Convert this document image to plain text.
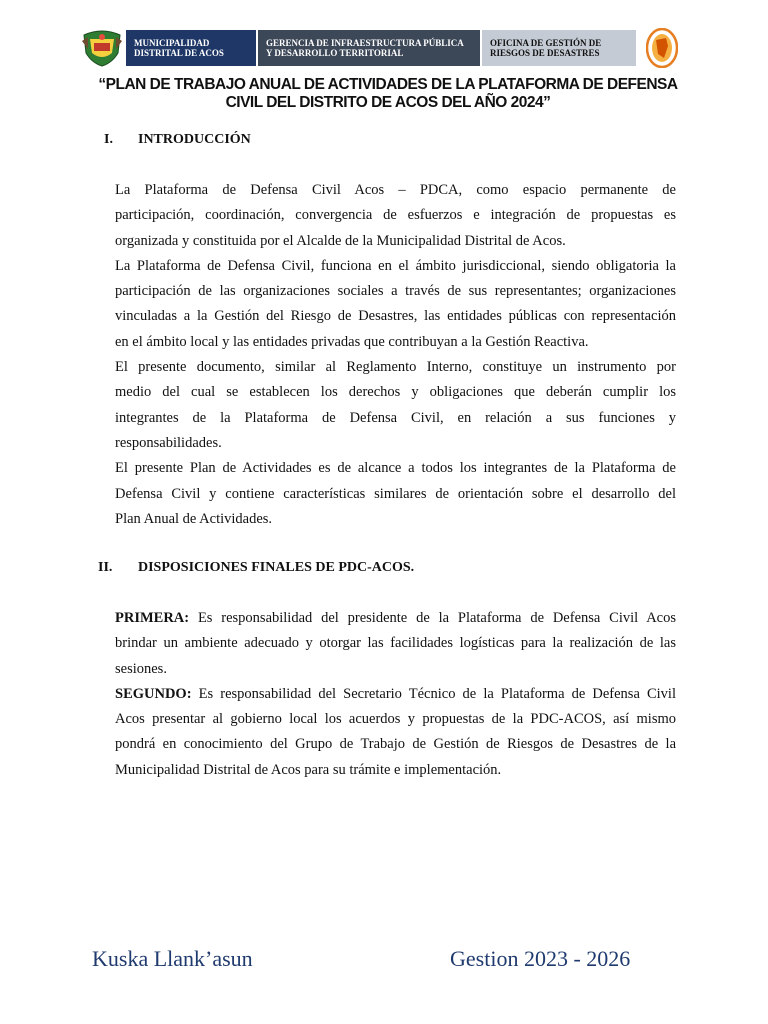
MUNICIPALIDAD
DISTRITAL DE ACOS
GERENCIA DE INFRAESTRUCTURA PÚBLICA
Y DESARROLLO TERRITORIAL
OFICINA DE GESTIÓN DE
RIESGOS DE DESASTRES
“PLAN DE TRABAJO ANUAL DE ACTIVIDADES DE LA PLATAFORMA DE DEFENSA
CIVIL DEL DISTRITO DE ACOS DEL AÑO 2024”
I. INTRODUCCIÓN
La Plataforma de Defensa Civil Acos – PDCA, como espacio permanente de
participación, coordinación, convergencia de esfuerzos e integración de propuestas es
organizada y constituida por el Alcalde de la Municipalidad Distrital de Acos.
La Plataforma de Defensa Civil, funciona en el ámbito jurisdiccional, siendo obligatoria la
participación de las organizaciones sociales a través de sus representantes; organizaciones
vinculadas a la Gestión del Riesgo de Desastres, las entidades públicas con representación
en el ámbito local y las entidades privadas que contribuyan a la Gestión Reactiva.
El presente documento, similar al Reglamento Interno, constituye un instrumento por
medio del cual se establecen los derechos y obligaciones que deberán cumplir los
integrantes de la Plataforma de Defensa Civil, en relación a sus funciones y
responsabilidades.
El presente Plan de Actividades es de alcance a todos los integrantes de la Plataforma de
Defensa Civil y contiene características similares de orientación sobre el desarrollo del
Plan Anual de Actividades.
II. DISPOSICIONES FINALES DE PDC-ACOS.
PRIMERA: Es responsabilidad del presidente de la Plataforma de Defensa Civil Acos
brindar un ambiente adecuado y otorgar las facilidades logísticas para la realización de las
sesiones.
SEGUNDO: Es responsabilidad del Secretario Técnico de la Plataforma de Defensa Civil
Acos presentar al gobierno local los acuerdos y propuestas de la PDC-ACOS, así mismo
pondrá en conocimiento del Grupo de Trabajo de Gestión de Riesgos de Desastres de la
Municipalidad Distrital de Acos para su trámite e implementación.
Kuska Llank’asun	Gestion 2023 - 2026
